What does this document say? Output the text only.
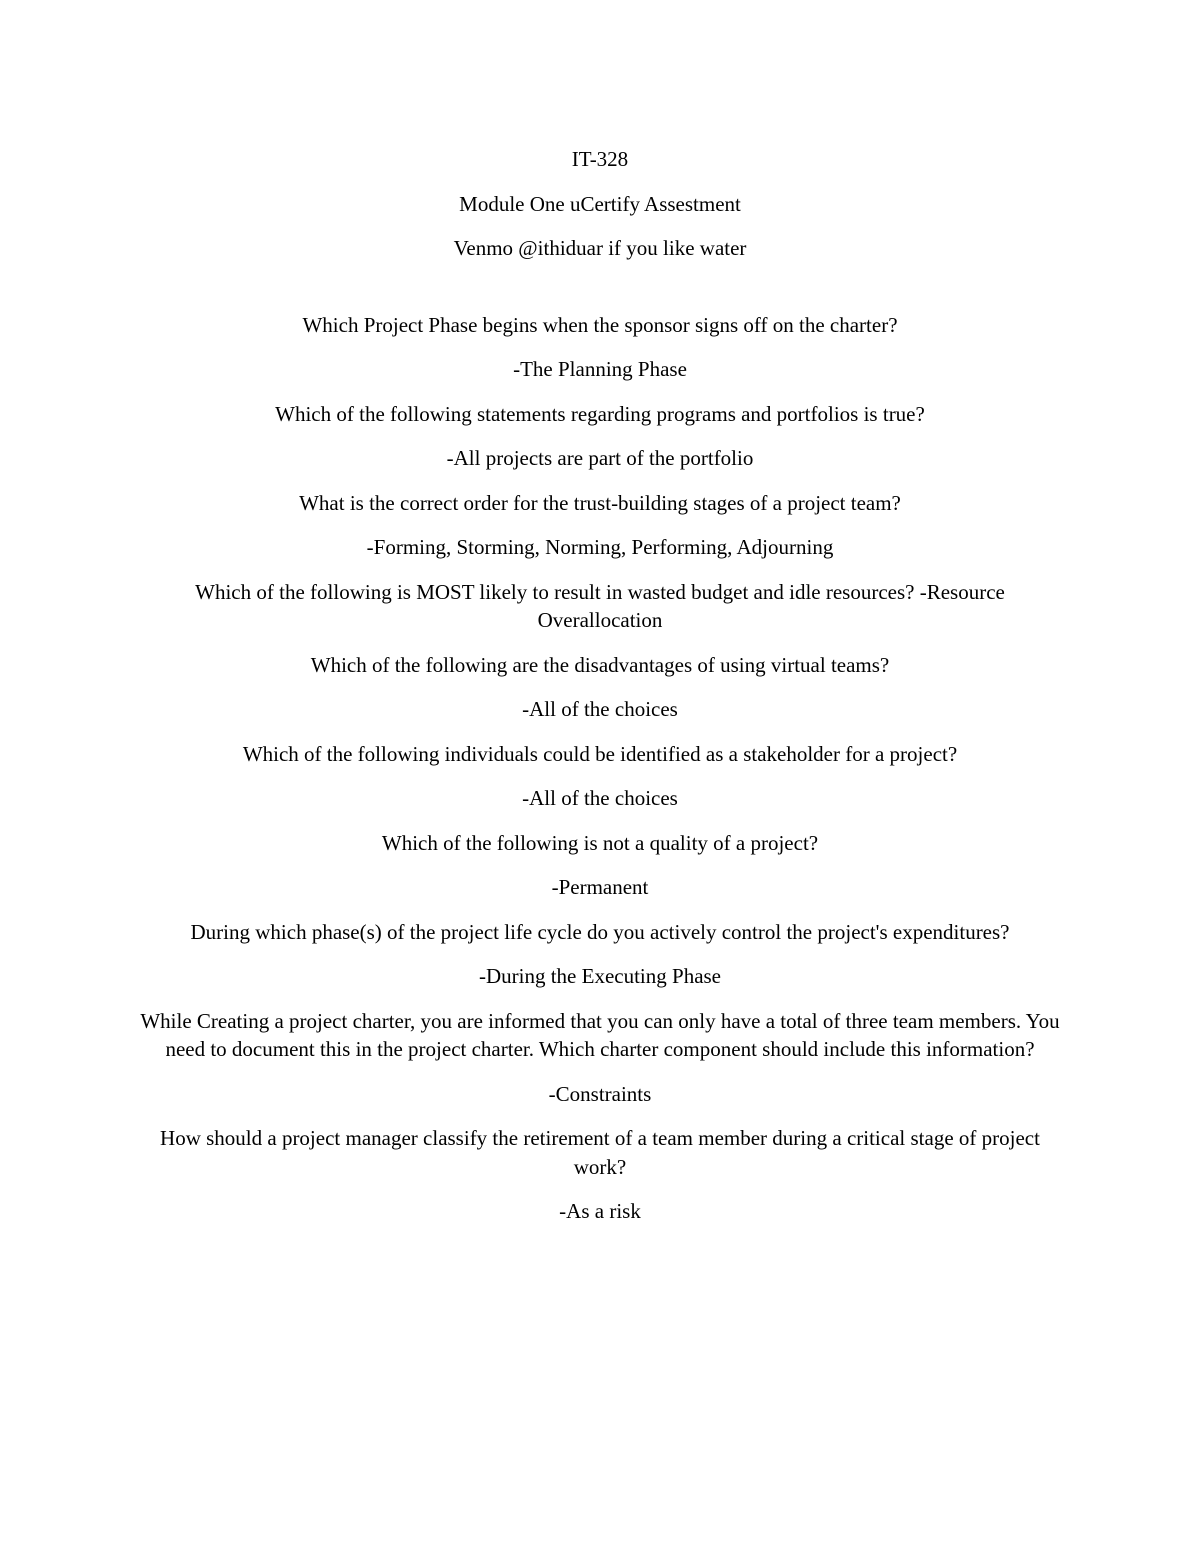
IT-328

Module One uCertify Assestment

Venmo @ithiduar if you like water

Which Project Phase begins when the sponsor signs off on the charter?

-The Planning Phase

Which of the following statements regarding programs and portfolios is true?

-All projects are part of the portfolio

What is the correct order for the trust-building stages of a project team?

-Forming, Storming, Norming, Performing, Adjourning

Which of the following is MOST likely to result in wasted budget and idle resources? -Resource Overallocation

Which of the following are the disadvantages of using virtual teams?

-All of the choices

Which of the following individuals could be identified as a stakeholder for a project?

-All of the choices

Which of the following is not a quality of a project?

-Permanent

During which phase(s) of the project life cycle do you actively control the project's expenditures?

-During the Executing Phase

While Creating a project charter, you are informed that you can only have a total of three team members. You need to document this in the project charter. Which charter component should include this information?

-Constraints

How should a project manager classify the retirement of a team member during a critical stage of project work?

-As a risk
